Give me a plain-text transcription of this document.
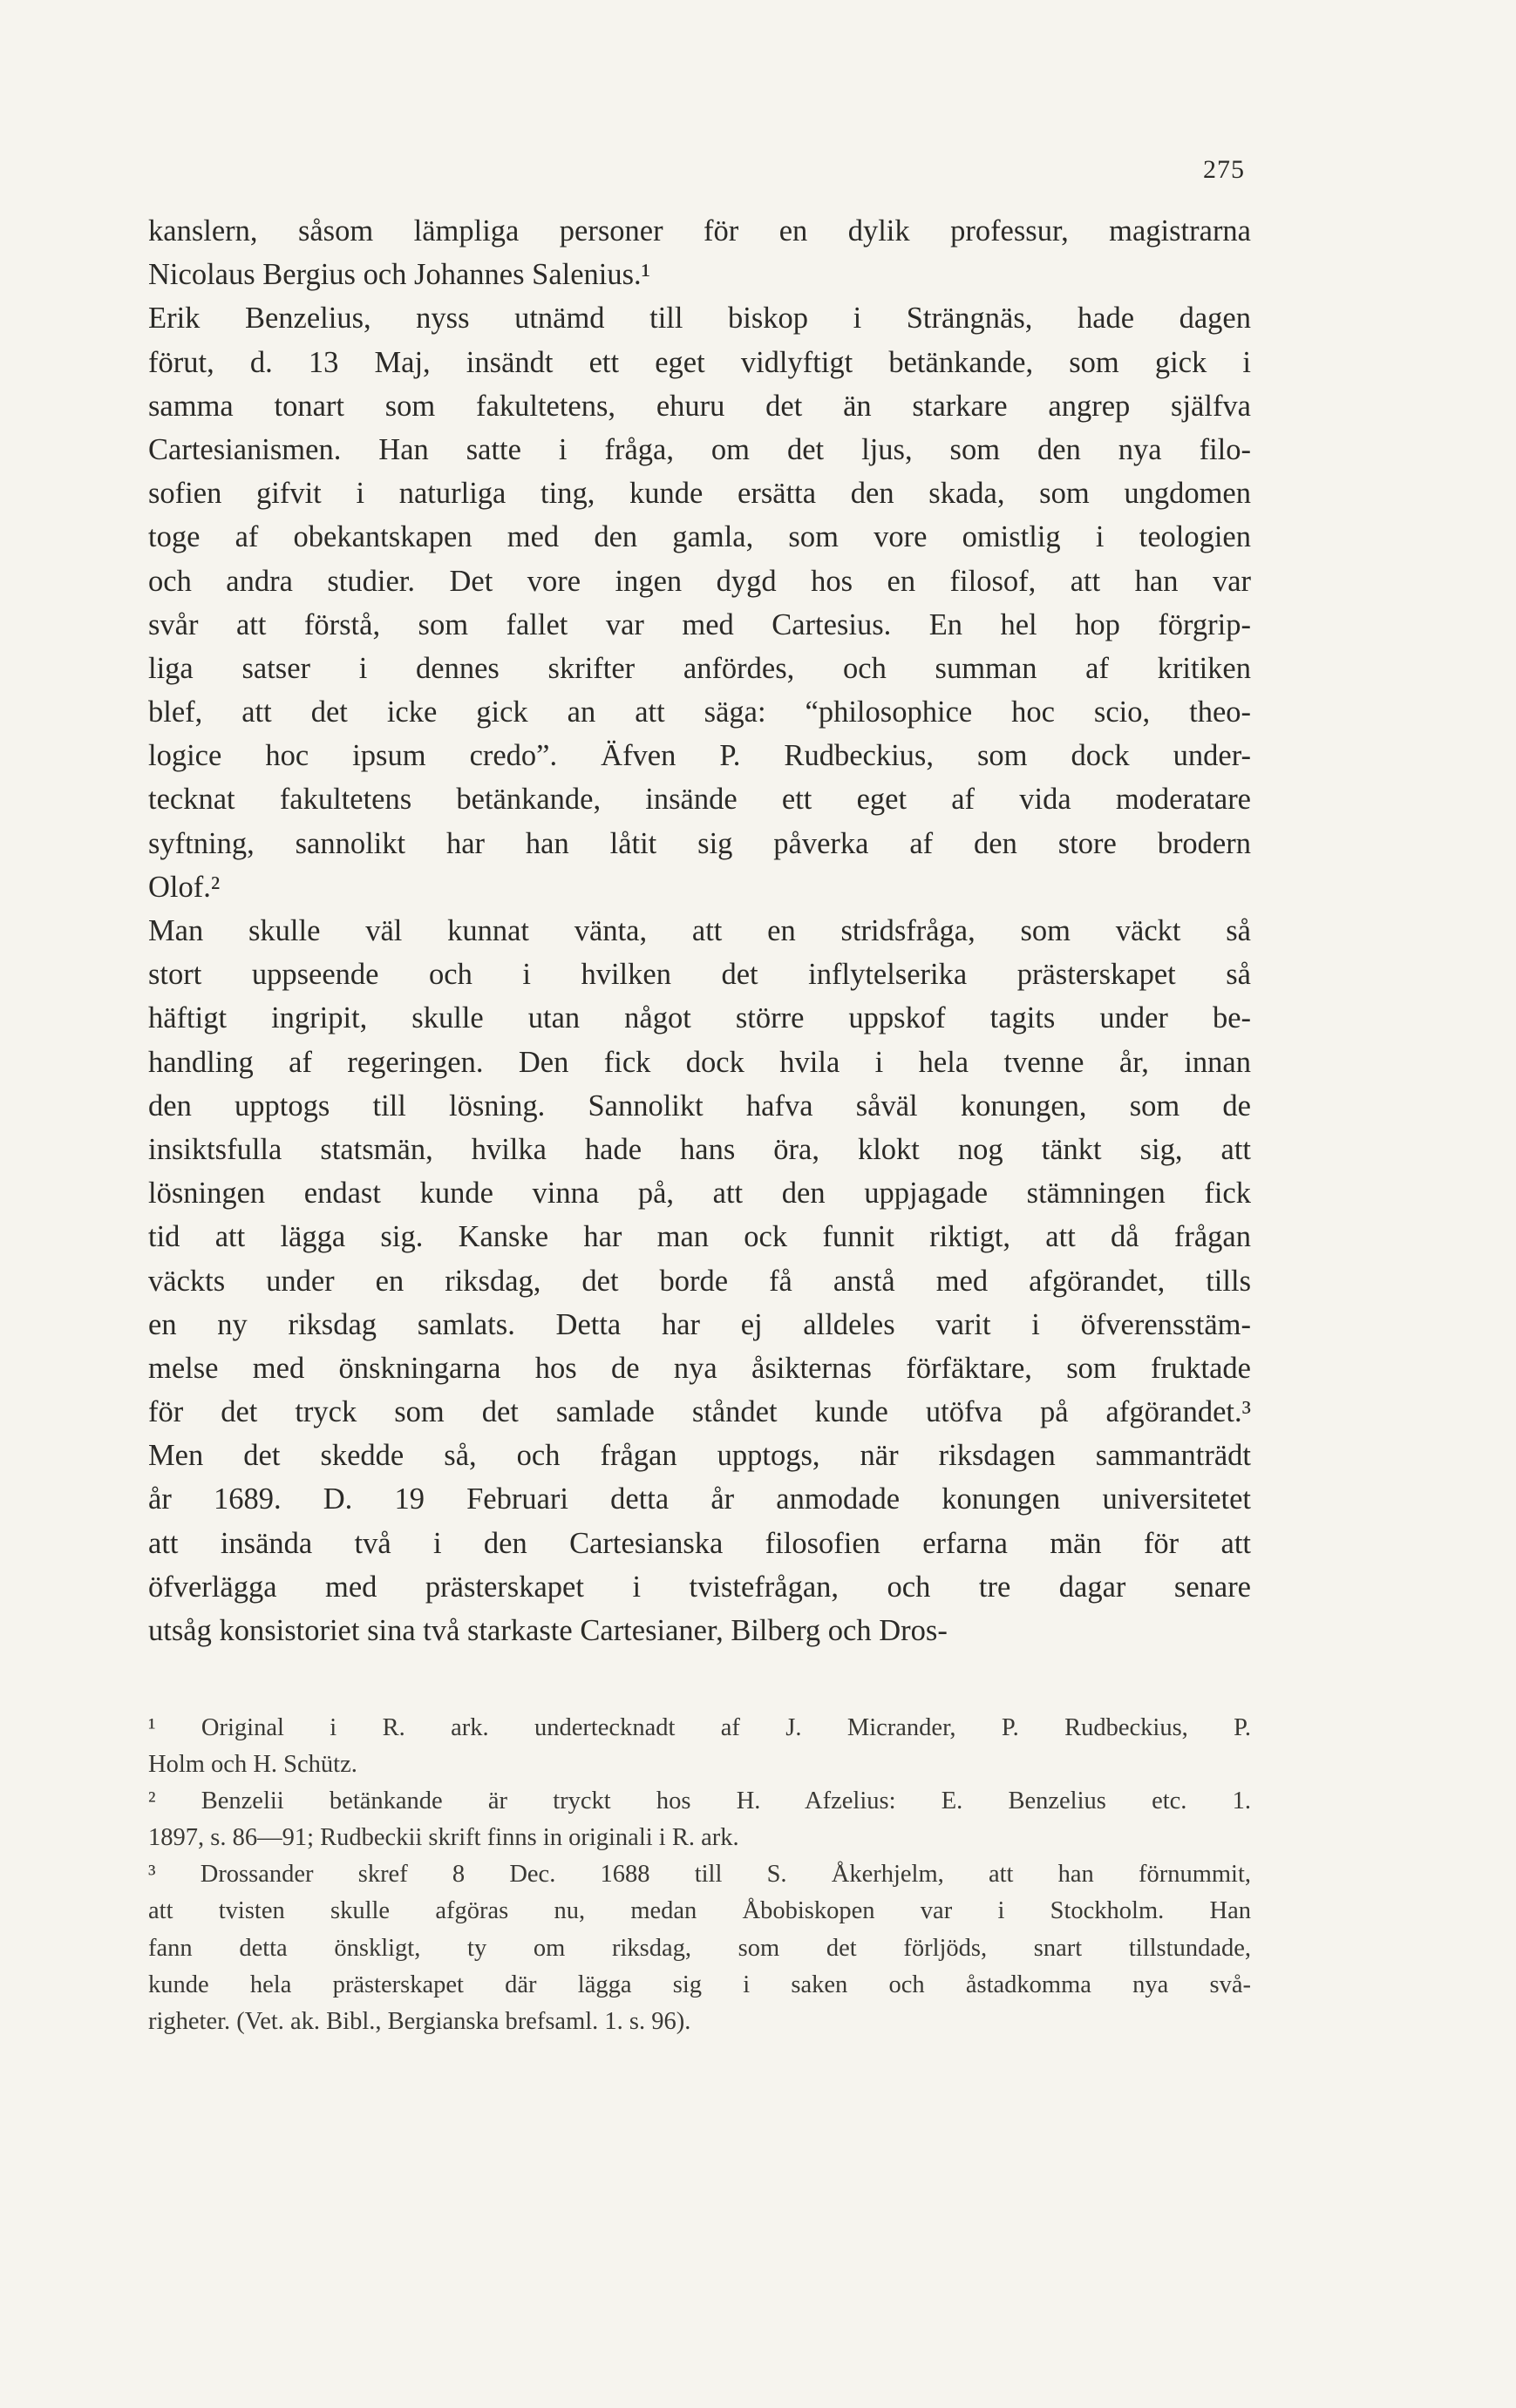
275
kanslern, såsom lämpliga personer för en dylik professur, magistrarna
Nicolaus Bergius och Johannes Salenius.¹
Erik Benzelius, nyss utnämd till biskop i Strängnäs, hade dagen
förut, d. 13 Maj, insändt ett eget vidlyftigt betänkande, som gick i
samma tonart som fakultetens, ehuru det än starkare angrep själfva
Cartesianismen. Han satte i fråga, om det ljus, som den nya filo-
sofien gifvit i naturliga ting, kunde ersätta den skada, som ungdomen
toge af obekantskapen med den gamla, som vore omistlig i teologien
och andra studier. Det vore ingen dygd hos en filosof, att han var
svår att förstå, som fallet var med Cartesius. En hel hop förgrip-
liga satser i dennes skrifter anfördes, och summan af kritiken
blef, att det icke gick an att säga: “philosophice hoc scio, theo-
logice hoc ipsum credo”. Äfven P. Rudbeckius, som dock under-
tecknat fakultetens betänkande, insände ett eget af vida moderatare
syftning, sannolikt har han låtit sig påverka af den store brodern
Olof.²
Man skulle väl kunnat vänta, att en stridsfråga, som väckt så
stort uppseende och i hvilken det inflytelserika prästerskapet så
häftigt ingripit, skulle utan något större uppskof tagits under be-
handling af regeringen. Den fick dock hvila i hela tvenne år, innan
den upptogs till lösning. Sannolikt hafva såväl konungen, som de
insiktsfulla statsmän, hvilka hade hans öra, klokt nog tänkt sig, att
lösningen endast kunde vinna på, att den uppjagade stämningen fick
tid att lägga sig. Kanske har man ock funnit riktigt, att då frågan
väckts under en riksdag, det borde få anstå med afgörandet, tills
en ny riksdag samlats. Detta har ej alldeles varit i öfverensstäm-
melse med önskningarna hos de nya åsikternas förfäktare, som fruktade
för det tryck som det samlade ståndet kunde utöfva på afgörandet.³
Men det skedde så, och frågan upptogs, när riksdagen sammanträdt
år 1689. D. 19 Februari detta år anmodade konungen universitetet
att insända två i den Cartesianska filosofien erfarna män för att
öfverlägga med prästerskapet i tvistefrågan, och tre dagar senare
utsåg konsistoriet sina två starkaste Cartesianer, Bilberg och Dros-
¹ Original i R. ark. undertecknadt af J. Micrander, P. Rudbeckius, P.
Holm och H. Schütz.
² Benzelii betänkande är tryckt hos H. Afzelius: E. Benzelius etc. 1.
1897, s. 86—91; Rudbeckii skrift finns in originali i R. ark.
³ Drossander skref 8 Dec. 1688 till S. Åkerhjelm, att han förnummit,
att tvisten skulle afgöras nu, medan Åbobiskopen var i Stockholm. Han
fann detta önskligt, ty om riksdag, som det förljöds, snart tillstundade,
kunde hela prästerskapet där lägga sig i saken och åstadkomma nya svå-
righeter. (Vet. ak. Bibl., Bergianska brefsaml. 1. s. 96).
